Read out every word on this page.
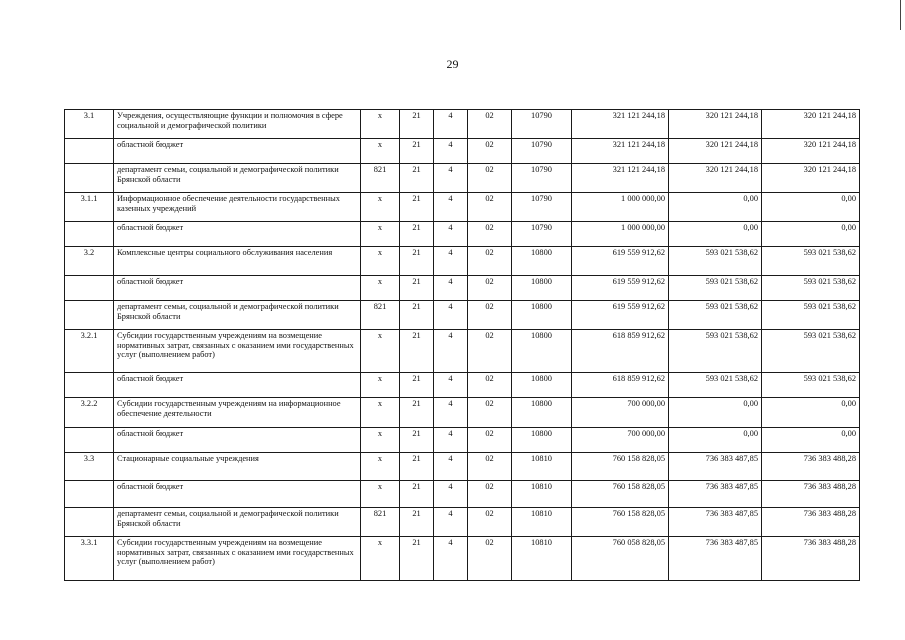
29
3.1	Учреждения, осуществляющие функции и полномочия в сфере социальной и демографической политики	х	21	4	02	10790	321 121 244,18	320 121 244,18	320 121 244,18
	областной бюджет	х	21	4	02	10790	321 121 244,18	320 121 244,18	320 121 244,18
	департамент семьи, социальной и демографической политики Брянской области	821	21	4	02	10790	321 121 244,18	320 121 244,18	320 121 244,18
3.1.1	Информационное обеспечение деятельности государственных казенных учреждений	х	21	4	02	10790	1 000 000,00	0,00	0,00
	областной бюджет	х	21	4	02	10790	1 000 000,00	0,00	0,00
3.2	Комплексные центры социального обслуживания населения	х	21	4	02	10800	619 559 912,62	593 021 538,62	593 021 538,62
	областной бюджет	х	21	4	02	10800	619 559 912,62	593 021 538,62	593 021 538,62
	департамент семьи, социальной и демографической политики Брянской области	821	21	4	02	10800	619 559 912,62	593 021 538,62	593 021 538,62
3.2.1	Субсидии государственным учреждениям на возмещение нормативных затрат, связанных с оказанием ими государственных услуг (выполнением работ)	х	21	4	02	10800	618 859 912,62	593 021 538,62	593 021 538,62
	областной бюджет	х	21	4	02	10800	618 859 912,62	593 021 538,62	593 021 538,62
3.2.2	Субсидии государственным учреждениям на информационное обеспечение деятельности	х	21	4	02	10800	700 000,00	0,00	0,00
	областной бюджет	х	21	4	02	10800	700 000,00	0,00	0,00
3.3	Стационарные социальные учреждения	х	21	4	02	10810	760 158 828,05	736 383 487,85	736 383 488,28
	областной бюджет	х	21	4	02	10810	760 158 828,05	736 383 487,85	736 383 488,28
	департамент семьи, социальной и демографической политики Брянской области	821	21	4	02	10810	760 158 828,05	736 383 487,85	736 383 488,28
3.3.1	Субсидии государственным учреждениям на возмещение нормативных затрат, связанных с оказанием ими государственных услуг (выполнением работ)	х	21	4	02	10810	760 058 828,05	736 383 487,85	736 383 488,28
